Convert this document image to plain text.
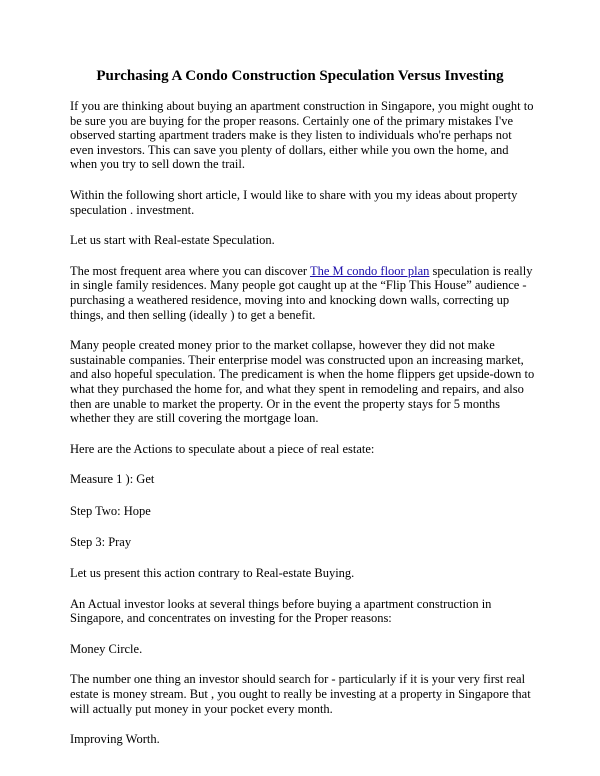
Purchasing A Condo Construction Speculation Versus Investing

If you are thinking about buying an apartment construction in Singapore, you might ought to be sure you are buying for the proper reasons. Certainly one of the primary mistakes I've observed starting apartment traders make is they listen to individuals who're perhaps not even investors. This can save you plenty of dollars, either while you own the home, and when you try to sell down the trail.

Within the following short article, I would like to share with you my ideas about property speculation . investment.

Let us start with Real-estate Speculation.

The most frequent area where you can discover The M condo floor plan speculation is really in single family residences. Many people got caught up at the “Flip This House” audience - purchasing a weathered residence, moving into and knocking down walls, correcting up things, and then selling (ideally ) to get a benefit.

Many people created money prior to the market collapse, however they did not make sustainable companies. Their enterprise model was constructed upon an increasing market, and also hopeful speculation. The predicament is when the home flippers get upside-down to what they purchased the home for, and what they spent in remodeling and repairs, and also then are unable to market the property. Or in the event the property stays for 5 months whether they are still covering the mortgage loan.

Here are the Actions to speculate about a piece of real estate:

Measure 1 ): Get

Step Two: Hope

Step 3: Pray

Let us present this action contrary to Real-estate Buying.

An Actual investor looks at several things before buying a apartment construction in Singapore, and concentrates on investing for the Proper reasons:

Money Circle.

The number one thing an investor should search for - particularly if it is your very first real estate is money stream. But , you ought to really be investing at a property in Singapore that will actually put money in your pocket every month.

Improving Worth.
